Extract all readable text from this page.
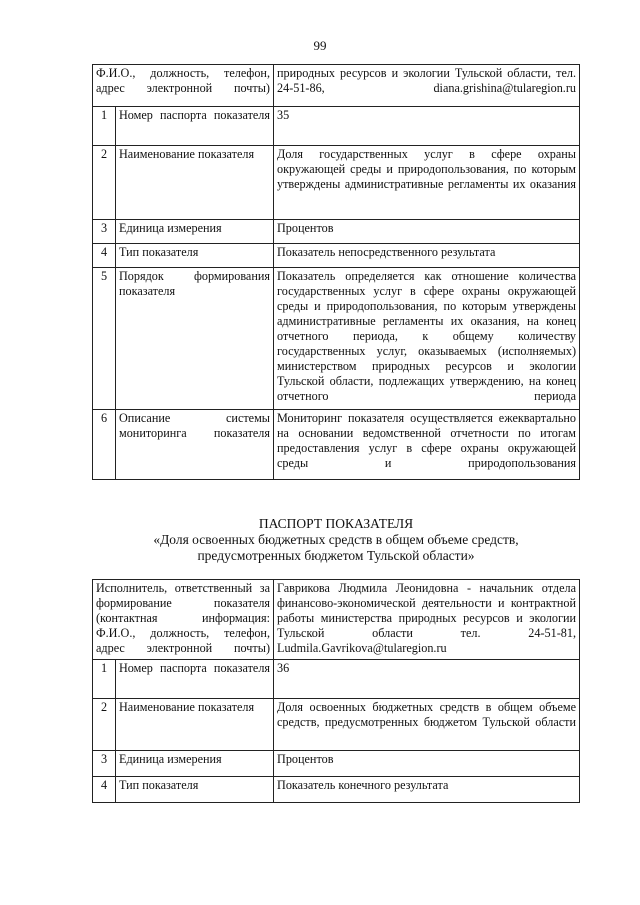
99
Ф.И.О., должность, телефон, адрес электронной почты)		природных ресурсов и экологии Тульской области, тел. 24-51-86, diana.grishina@tularegion.ru
1	Номер паспорта показателя	35
2	Наименование показателя	Доля государственных услуг в сфере охраны окружающей среды и природопользования, по которым утверждены административные регламенты их оказания
3	Единица измерения	Процентов
4	Тип показателя	Показатель непосредственного результата
5	Порядок формирования показателя	Показатель определяется как отношение количества государственных услуг в сфере охраны окружающей среды и природопользования, по которым утверждены административные регламенты их оказания, на конец отчетного периода, к общему количеству государственных услуг, оказываемых (исполняемых) министерством природных ресурсов и экологии Тульской области, подлежащих утверждению, на конец отчетного периода
6	Описание системы мониторинга показателя	Мониторинг показателя осуществляется ежеквартально на основании ведомственной отчетности по итогам предоставления услуг в сфере охраны окружающей среды и природопользования
ПАСПОРТ ПОКАЗАТЕЛЯ
«Доля освоенных бюджетных средств в общем объеме средств,
предусмотренных бюджетом Тульской области»
Исполнитель, ответственный за формирование показателя (контактная информация: Ф.И.О., должность, телефон, адрес электронной почты)		Гаврикова Людмила Леонидовна - начальник отдела финансово-экономической деятельности и контрактной работы министерства природных ресурсов и экологии Тульской области тел. 24-51-81, Ludmila.Gavrikova@tularegion.ru
1	Номер паспорта показателя	36
2	Наименование показателя	Доля освоенных бюджетных средств в общем объеме средств, предусмотренных бюджетом Тульской области
3	Единица измерения	Процентов
4	Тип показателя	Показатель конечного результата
